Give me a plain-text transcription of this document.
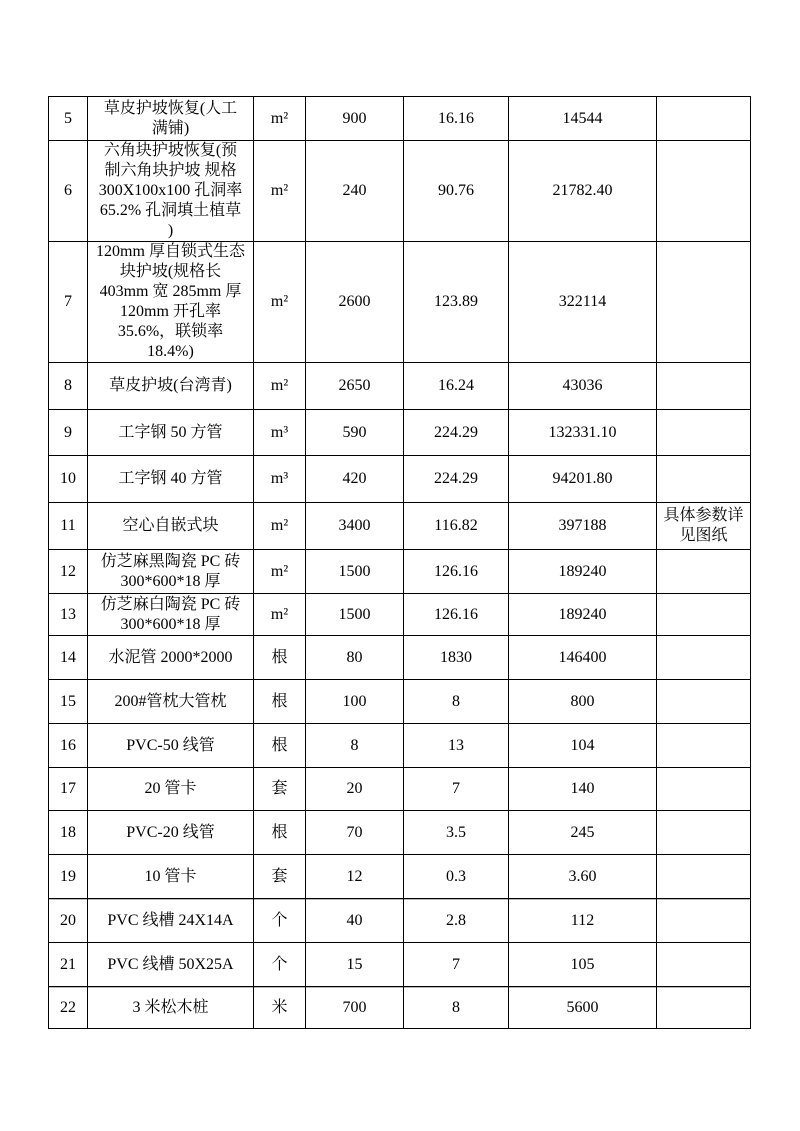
5	草皮护坡恢复(人工满铺)	m²	900	16.16	14544	
6	六角块护坡恢复(预制六角块护坡 规格300X100x100 孔洞率65.2% 孔洞填土植草 )	m²	240	90.76	21782.40	
7	120mm 厚自锁式生态块护坡(规格长 403mm 宽 285mm 厚 120mm 开孔率 35.6%，联锁率 18.4%)	m²	2600	123.89	322114	
8	草皮护坡(台湾青)	m²	2650	16.24	43036	
9	工字钢 50 方管	m³	590	224.29	132331.10	
10	工字钢 40 方管	m³	420	224.29	94201.80	
11	空心自嵌式块	m²	3400	116.82	397188	具体参数详见图纸
12	仿芝麻黑陶瓷 PC 砖 300*600*18 厚	m²	1500	126.16	189240	
13	仿芝麻白陶瓷 PC 砖 300*600*18 厚	m²	1500	126.16	189240	
14	水泥管 2000*2000	根	80	1830	146400	
15	200#管枕大管枕	根	100	8	800	
16	PVC-50 线管	根	8	13	104	
17	20 管卡	套	20	7	140	
18	PVC-20 线管	根	70	3.5	245	
19	10 管卡	套	12	0.3	3.60	
20	PVC 线槽 24X14A	个	40	2.8	112	
21	PVC 线槽 50X25A	个	15	7	105	
22	3 米松木桩	米	700	8	5600	
